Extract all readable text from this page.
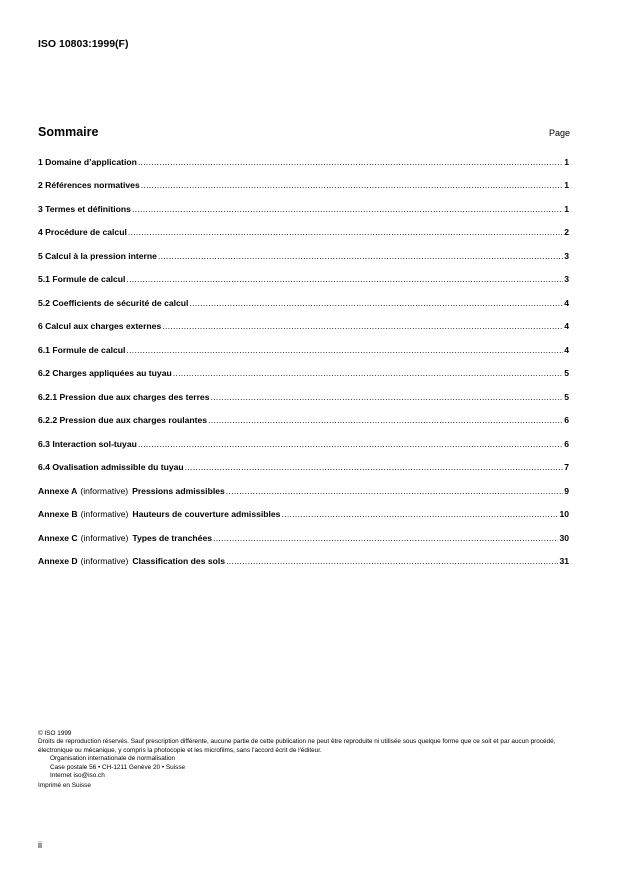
ISO 10803:1999(F)
Sommaire	Page
1 Domaine d’application .....	1
2 Références normatives .....	1
3 Termes et définitions .....	1
4 Procédure de calcul .....	2
5 Calcul à la pression interne .....	3
5.1 Formule de calcul .....	3
5.2 Coefficients de sécurité de calcul .....	4
6 Calcul aux charges externes .....	4
6.1 Formule de calcul .....	4
6.2 Charges appliquées au tuyau .....	5
6.2.1 Pression due aux charges des terres .....	5
6.2.2 Pression due aux charges roulantes .....	6
6.3 Interaction sol-tuyau .....	6
6.4 Ovalisation admissible du tuyau .....	7
Annexe A (informative) Pressions admissibles .....	9
Annexe B (informative) Hauteurs de couverture admissibles .....	10
Annexe C (informative) Types de tranchées .....	30
Annexe D (informative) Classification des sols .....	31
© ISO 1999
Droits de reproduction réservés. Sauf prescription différente, aucune partie de cette publication ne peut être reproduite ni utilisée sous quelque forme que ce soit et par aucun procédé, électronique ou mécanique, y compris la photocopie et les microfilms, sans l'accord écrit de l'éditeur.
Organisation internationale de normalisation
Case postale 56 • CH-1211 Genève 20 • Suisse
Internet iso@iso.ch
Imprimé en Suisse
ii
